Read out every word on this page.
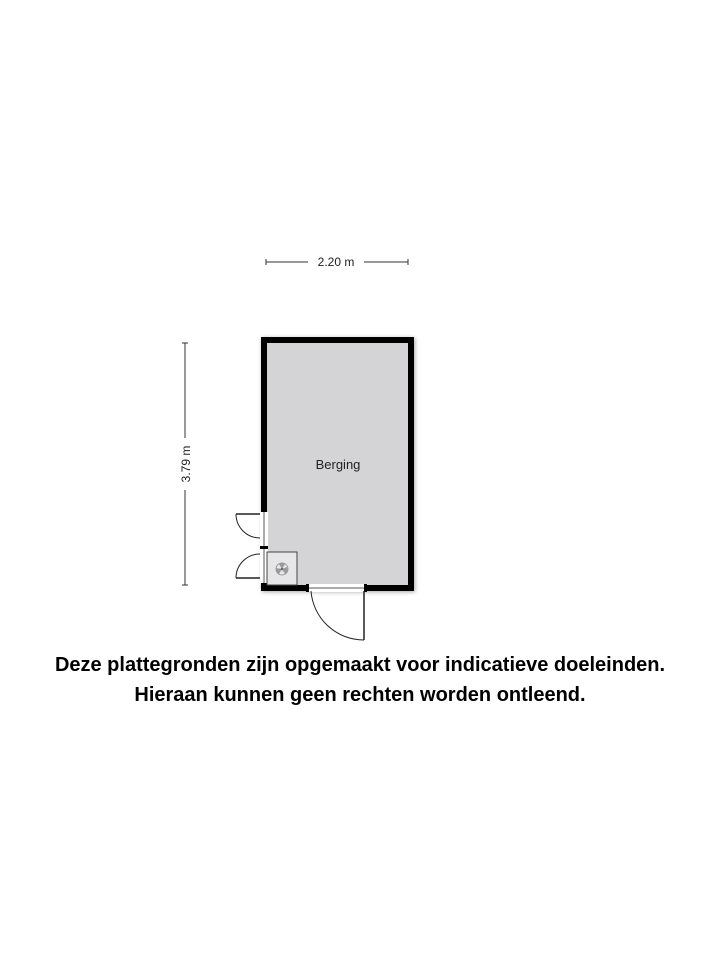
2.20 m
3.79 m	Berging
Deze plattegronden zijn opgemaakt voor indicatieve doeleinden.
Hieraan kunnen geen rechten worden ontleend.
